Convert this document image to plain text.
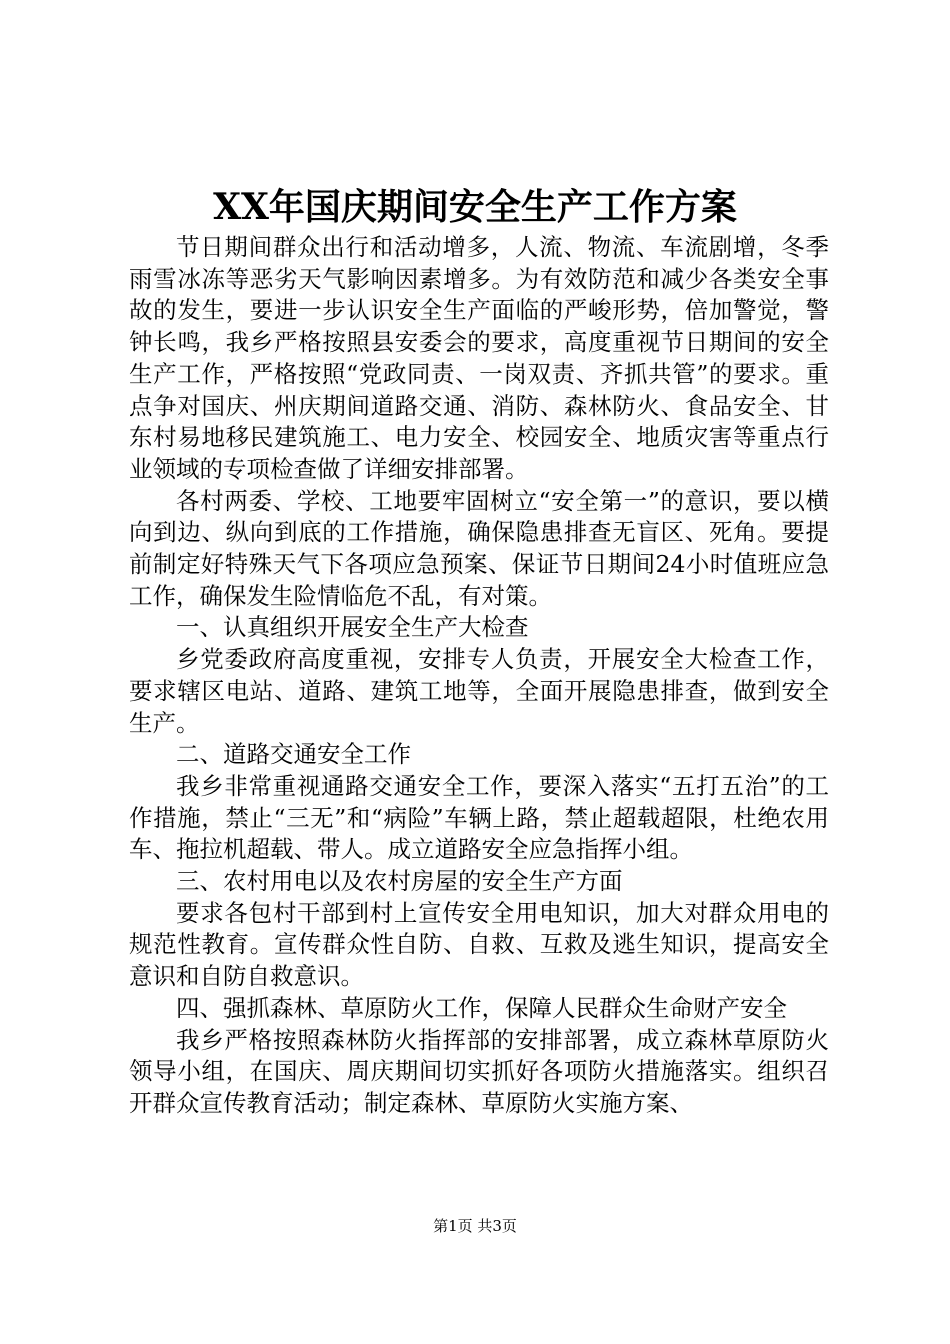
XX年国庆期间安全生产工作方案

节日期间群众出行和活动增多，人流、物流、车流剧增，冬季雨雪冰冻等恶劣天气影响因素增多。为有效防范和减少各类安全事故的发生，要进一步认识安全生产面临的严峻形势，倍加警觉，警钟长鸣，我乡严格按照县安委会的要求，高度重视节日期间的安全生产工作，严格按照“党政同责、一岗双责、齐抓共管”的要求。重点争对国庆、州庆期间道路交通、消防、森林防火、食品安全、甘东村易地移民建筑施工、电力安全、校园安全、地质灾害等重点行业领域的专项检查做了详细安排部署。

各村两委、学校、工地要牢固树立“安全第一”的意识，要以横向到边、纵向到底的工作措施，确保隐患排查无盲区、死角。要提前制定好特殊天气下各项应急预案、保证节日期间24小时值班应急工作，确保发生险情临危不乱，有对策。

一、认真组织开展安全生产大检查

乡党委政府高度重视，安排专人负责，开展安全大检查工作，要求辖区电站、道路、建筑工地等，全面开展隐患排查，做到安全生产。

二、道路交通安全工作

我乡非常重视通路交通安全工作，要深入落实“五打五治”的工作措施，禁止“三无”和“病险”车辆上路，禁止超载超限，杜绝农用车、拖拉机超载、带人。成立道路安全应急指挥小组。

三、农村用电以及农村房屋的安全生产方面

要求各包村干部到村上宣传安全用电知识，加大对群众用电的规范性教育。宣传群众性自防、自救、互救及逃生知识，提高安全意识和自防自救意识。

四、强抓森林、草原防火工作，保障人民群众生命财产安全

我乡严格按照森林防火指挥部的安排部署，成立森林草原防火领导小组，在国庆、周庆期间切实抓好各项防火措施落实。组织召开群众宣传教育活动；制定森林、草原防火实施方案、

第1页 共3页
